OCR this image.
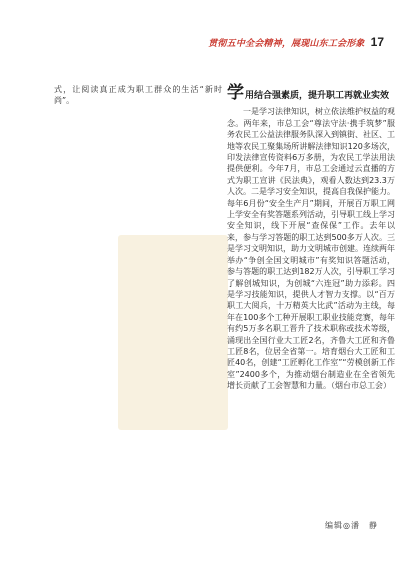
贯彻五中全会精神，展现山东工会形象 17

式，让阅读真正成为职工群众的生活“新时尚”。	学 用结合强素质，提升职工再就业实效

一是学习法律知识，树立依法维护权益的观念。两年来，市总工会“尊法守法·携手筑梦”服务农民工公益法律服务队深入到镇街、社区、工地等农民工聚集场所讲解法律知识120多场次，印发法律宣传资料6万多册，为农民工学法用法提供便利。今年7月，市总工会通过云直播的方式为职工宣讲《民法典》，观看人数达到23.3万人次。二是学习安全知识，提高自我保护能力。每年6月份“安全生产月”期间，开展百万职工网上学安全有奖答题系列活动，引导职工线上学习安全知识，线下开展“查保保”工作。去年以来，参与学习答题的职工达到500多万人次。三是学习文明知识，助力文明城市创建。连续两年举办“争创全国文明城市”有奖知识答题活动，参与答题的职工达到182万人次，引导职工学习了解创城知识，为创城“六连冠”助力添彩。四是学习技能知识，提供人才智力支撑。以“百万职工大阅兵，十万精英大比武”活动为主线，每年在100多个工种开展职工职业技能竞赛，每年有约5万多名职工晋升了技术职称或技术等级，涌现出全国行业大工匠2名，齐鲁大工匠和齐鲁工匠8名，位居全省第一。培育烟台大工匠和工匠40名，创建“工匠孵化工作室”“劳模创新工作室”2400多个，为推动烟台制造业在全省领先增长贡献了工会智慧和力量。（烟台市总工会）

编辑◎潘　静
